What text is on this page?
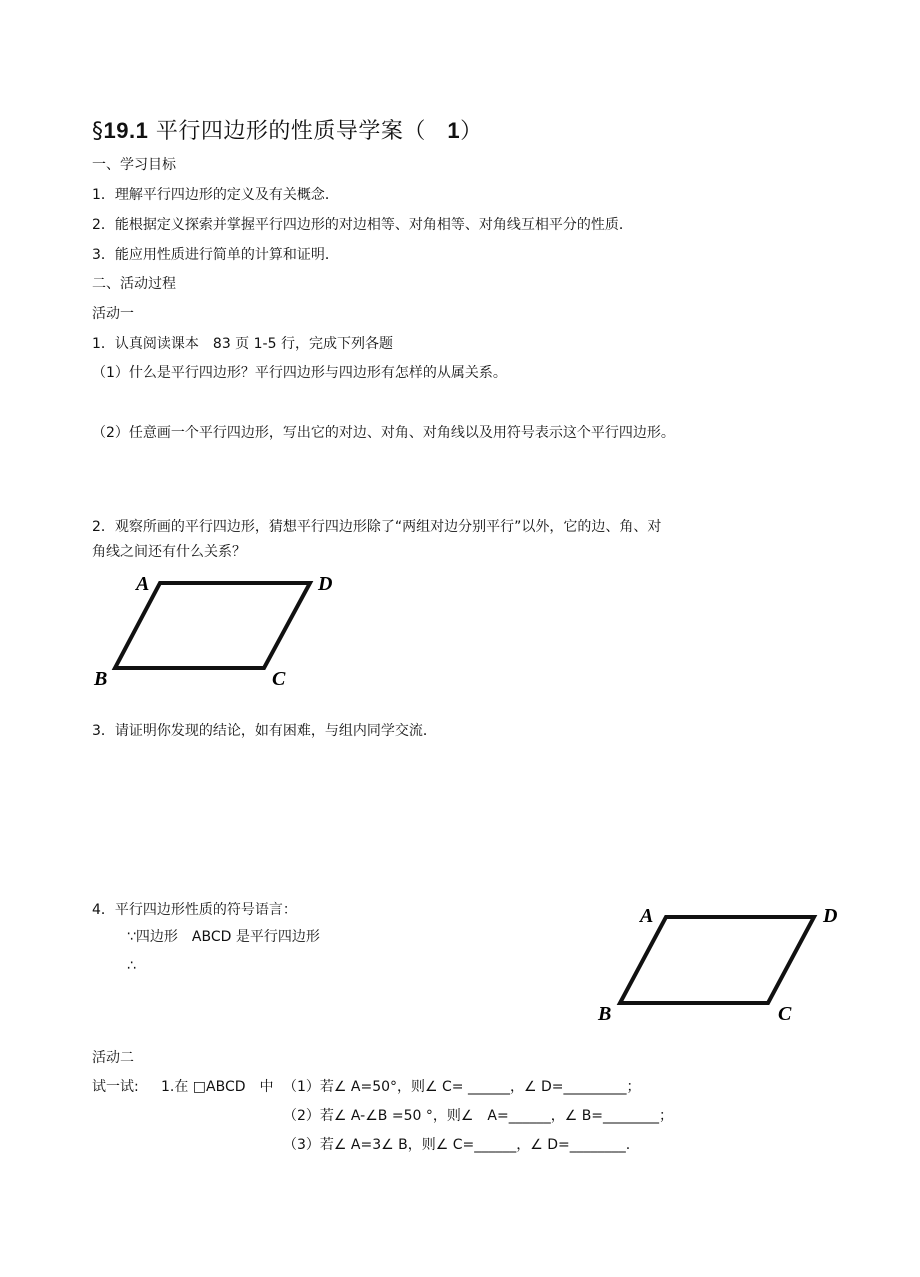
§19.1 平行四边形的性质导学案（ 1）
一、学习目标
1．理解平行四边形的定义及有关概念．
2．能根据定义探索并掌握平行四边形的对边相等、对角相等、对角线互相平分的性质．
3．能应用性质进行简单的计算和证明．
二、活动过程
活动一
1．认真阅读课本　83 页 1-5 行，完成下列各题
（1）什么是平行四边形？平行四边形与四边形有怎样的从属关系。
（2）任意画一个平行四边形，写出它的对边、对角、对角线以及用符号表示这个平行四边形。
2．观察所画的平行四边形，猜想平行四边形除了“两组对边分别平行”以外，它的边、角、对
角线之间还有什么关系？
A	D
B	C
3．请证明你发现的结论，如有困难，与组内同学交流．
4．平行四边形性质的符号语言：
∵四边形　ABCD 是平行四边形
∴
A	D
B	C
活动二
试一试: 1.在 □ABCD　中 （1）若∠ A=50°，则∠ C= ______，∠ D=_________；
（2）若∠ A-∠B =50 °，则∠　A=______，∠ B=________；
（3）若∠ A=3∠ B，则∠ C=______，∠ D=________.
